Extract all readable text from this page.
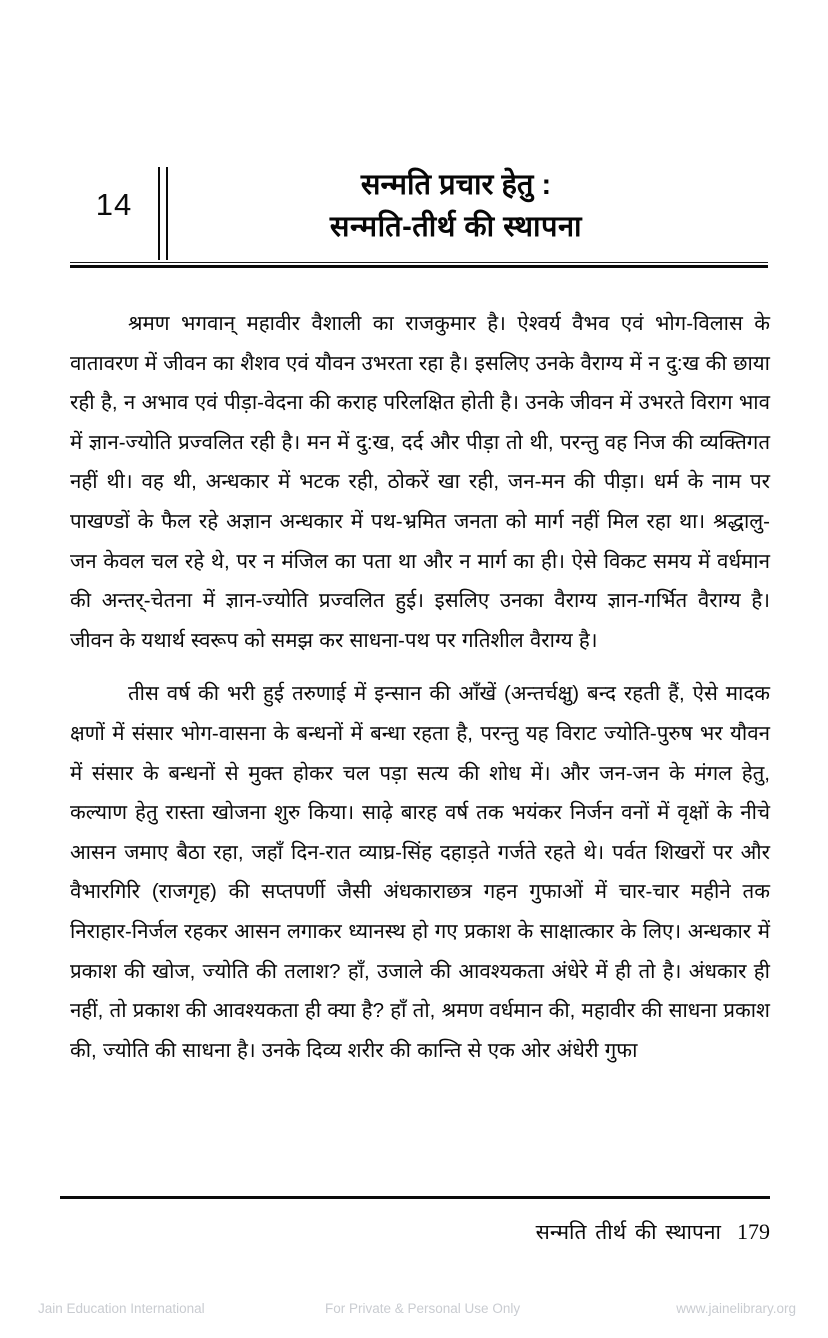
14
सन्मति प्रचार हेतु :
सन्मति-तीर्थ की स्थापना

श्रमण भगवान् महावीर वैशाली का राजकुमार है। ऐश्वर्य वैभव एवं भोग-विलास के वातावरण में जीवन का शैशव एवं यौवन उभरता रहा है। इसलिए उनके वैराग्य में न दु:ख की छाया रही है, न अभाव एवं पीड़ा-वेदना की कराह परिलक्षित होती है। उनके जीवन में उभरते विराग भाव में ज्ञान-ज्योति प्रज्वलित रही है। मन में दु:ख, दर्द और पीड़ा तो थी, परन्तु वह निज की व्यक्तिगत नहीं थी। वह थी, अन्धकार में भटक रही, ठोकरें खा रही, जन-मन की पीड़ा। धर्म के नाम पर पाखण्डों के फैल रहे अज्ञान अन्धकार में पथ-भ्रमित जनता को मार्ग नहीं मिल रहा था। श्रद्धालु-जन केवल चल रहे थे, पर न मंजिल का पता था और न मार्ग का ही। ऐसे विकट समय में वर्धमान की अन्तर्-चेतना में ज्ञान-ज्योति प्रज्वलित हुई। इसलिए उनका वैराग्य ज्ञान-गर्भित वैराग्य है। जीवन के यथार्थ स्वरूप को समझ कर साधना-पथ पर गतिशील वैराग्य है।

तीस वर्ष की भरी हुई तरुणाई में इन्सान की आँखें (अन्तर्चक्षु) बन्द रहती हैं, ऐसे मादक क्षणों में संसार भोग-वासना के बन्धनों में बन्धा रहता है, परन्तु यह विराट ज्योति-पुरुष भर यौवन में संसार के बन्धनों से मुक्त होकर चल पड़ा सत्य की शोध में। और जन-जन के मंगल हेतु, कल्याण हेतु रास्ता खोजना शुरु किया। साढ़े बारह वर्ष तक भयंकर निर्जन वनों में वृक्षों के नीचे आसन जमाए बैठा रहा, जहाँ दिन-रात व्याघ्र-सिंह दहाड़ते गर्जते रहते थे। पर्वत शिखरों पर और वैभारगिरि (राजगृह) की सप्तपर्णी जैसी अंधकाराछत्र गहन गुफाओं में चार-चार महीने तक निराहार-निर्जल रहकर आसन लगाकर ध्यानस्थ हो गए प्रकाश के साक्षात्कार के लिए। अन्धकार में प्रकाश की खोज, ज्योति की तलाश? हाँ, उजाले की आवश्यकता अंधेरे में ही तो है। अंधकार ही नहीं, तो प्रकाश की आवश्यकता ही क्या है? हाँ तो, श्रमण वर्धमान की, महावीर की साधना प्रकाश की, ज्योति की साधना है। उनके दिव्य शरीर की कान्ति से एक ओर अंधेरी गुफा

सन्मति तीर्थ की स्थापना 179
Jain Education International	For Private & Personal Use Only	www.jainelibrary.org
